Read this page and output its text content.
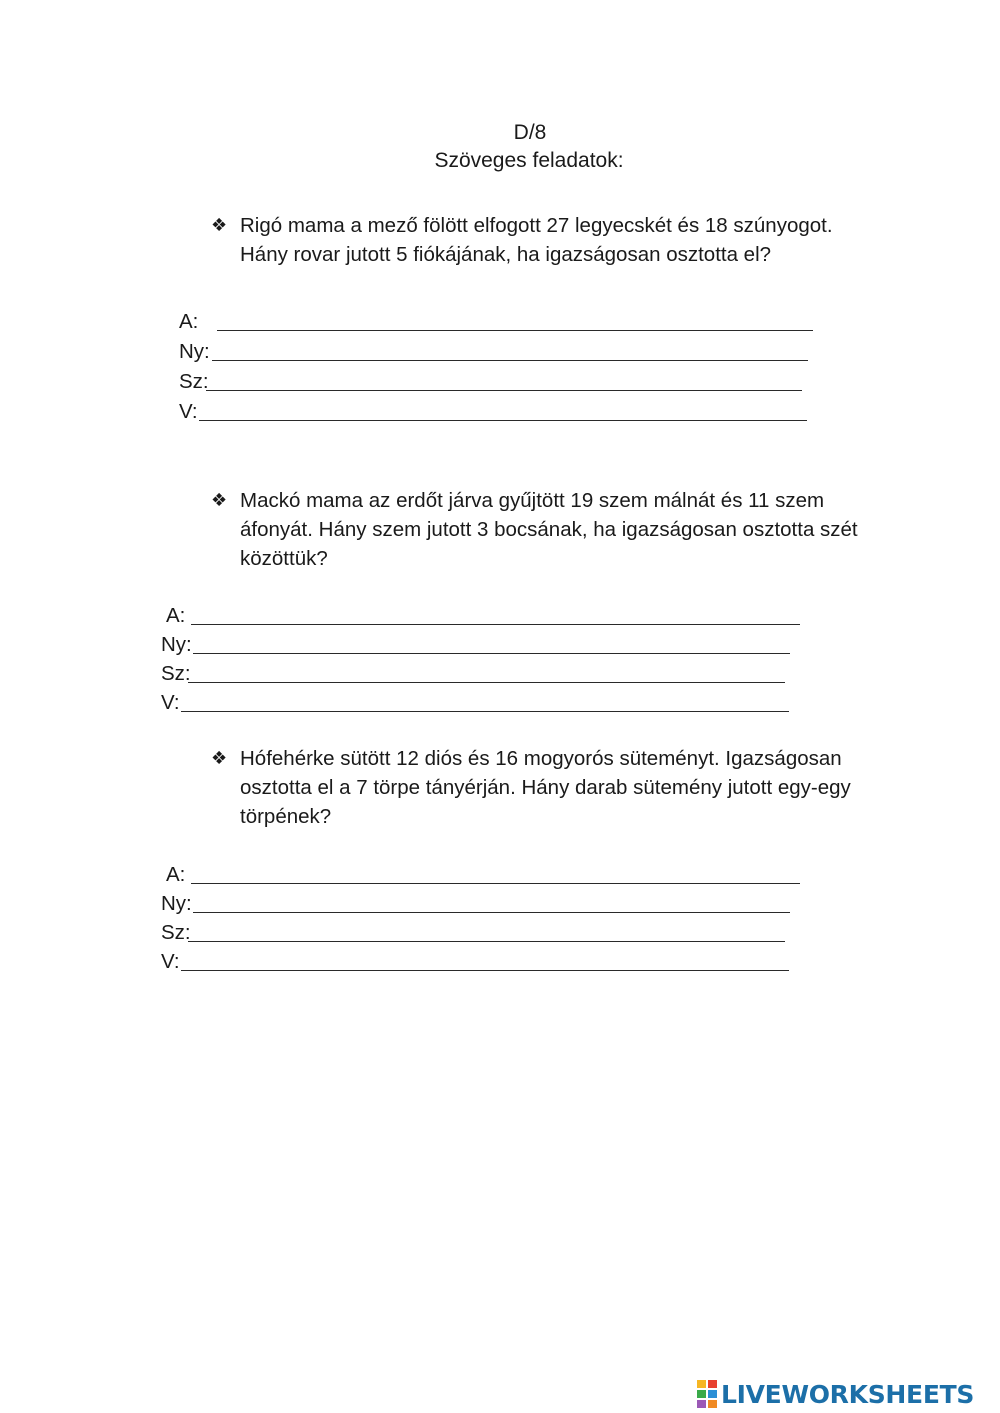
D/8
Szöveges feladatok:
❖ Rigó mama a mező fölött elfogott 27 legyecskét és 18 szúnyogot. Hány rovar jutott 5 fiókájának, ha igazságosan osztotta el?
A:
Ny:
Sz:
V:
❖ Mackó mama az erdőt járva gyűjtött 19 szem málnát és 11 szem áfonyát. Hány szem jutott 3 bocsának, ha igazságosan osztotta szét közöttük?
A:
Ny:
Sz:
V:
❖ Hófehérke sütött 12 diós és 16 mogyorós süteményt. Igazságosan osztotta el a 7 törpe tányérján. Hány darab sütemény jutott egy-egy törpének?
A:
Ny:
Sz:
V:
LIVEWORKSHEETS
